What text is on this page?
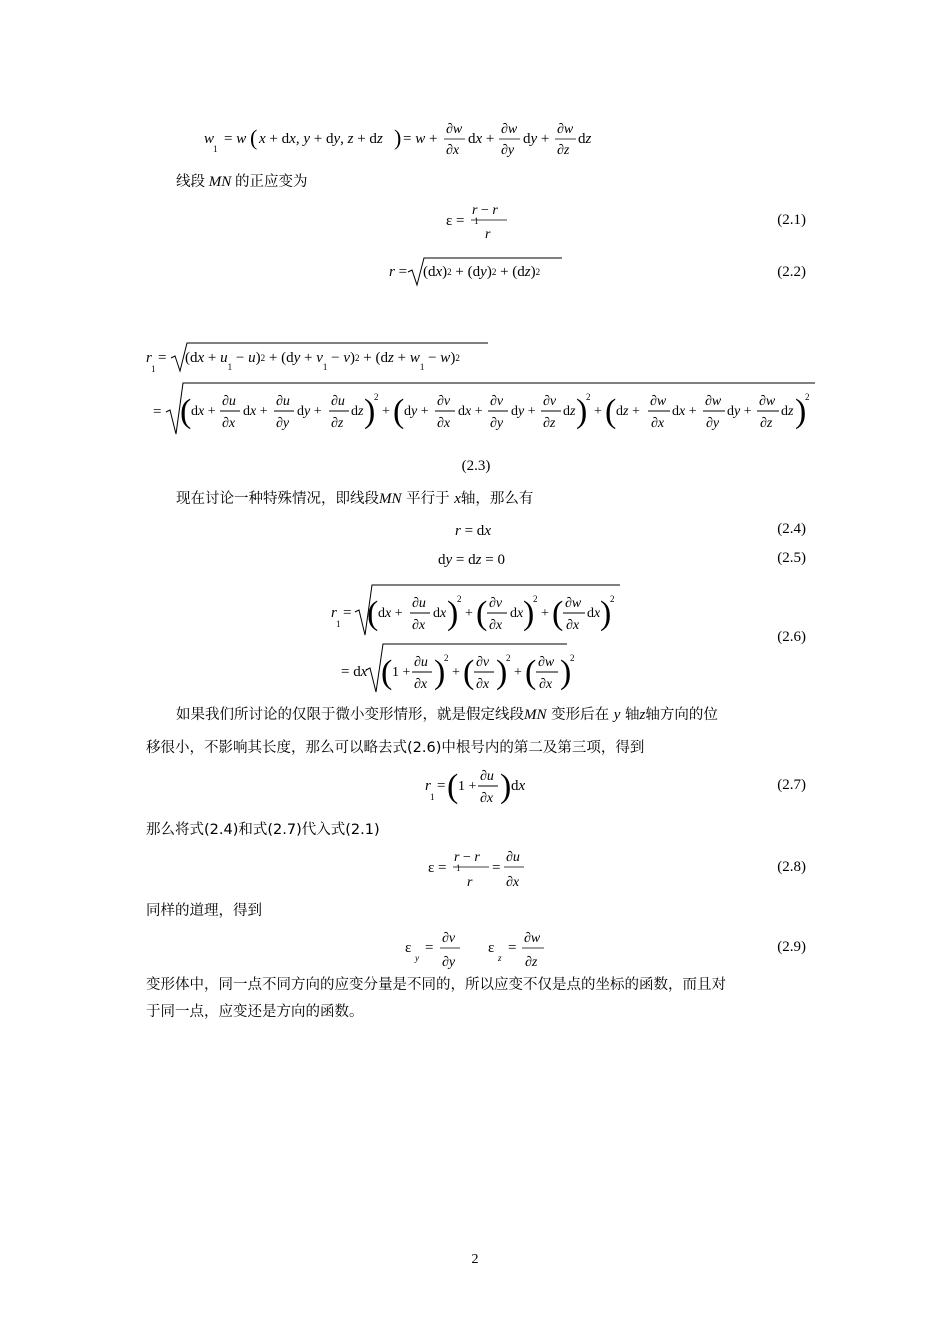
w
1
= w ( x + dx, y + dy, z + dz ) = w +
∂w
∂x
dx +
∂w
∂y
dy +
∂w
∂z
dz
线段 MN 的正应变为
ε =
r − r
1
r
(2.1)
r = (dx)2 + (dy)2 + (dz)2	(2.2)
r
1
= $(dx + u_1 - u)2 + (dy + v_1 - v)2 + (dz + w_1 - w)2$
= ( dx +
∂u
∂x
dx +
∂u
∂y
dy +
∂u
∂z
dz )
2
+ ( dy +
∂v
∂x
dx +
∂v
∂y
dy +
∂v
∂z
dz )
2
+ ( dz +
∂w
∂x
dx +
∂w
∂y
dy +
∂w
∂z
dz )
2
(2.3)
现在讨论一种特殊情况，即线段MN 平行于 x轴，那么有
r = dx	(2.4)
dy = dz = 0	(2.5)
r
1
= ( dx +
∂u
∂x
dx )
2
+ ( ∂v
∂x
dx )
2
+ ( ∂w
∂x
dx )
2
= dx ( 1 +
∂u
∂x )
2
+ ( ∂v
∂x )
2
+ ( ∂w
∂x )
2
(2.6)
如果我们所讨论的仅限于微小变形情形，就是假定线段MN 变形后在 y 轴z轴方向的位
移很小，不影响其长度，那么可以略去式(2.6)中根号内的第二及第三项，得到
r
1
= ( 1 +
∂u
∂x ) dx	(2.7)
那么将式(2.4)和式(2.7)代入式(2.1)
ε =
r − r
1
r
=
∂u
∂x
(2.8)
同样的道理，得到
ε
y
=
∂v
∂y
ε
z
=
∂w
∂z
(2.9)
变形体中，同一点不同方向的应变分量是不同的，所以应变不仅是点的坐标的函数，而且对
于同一点，应变还是方向的函数。
2
